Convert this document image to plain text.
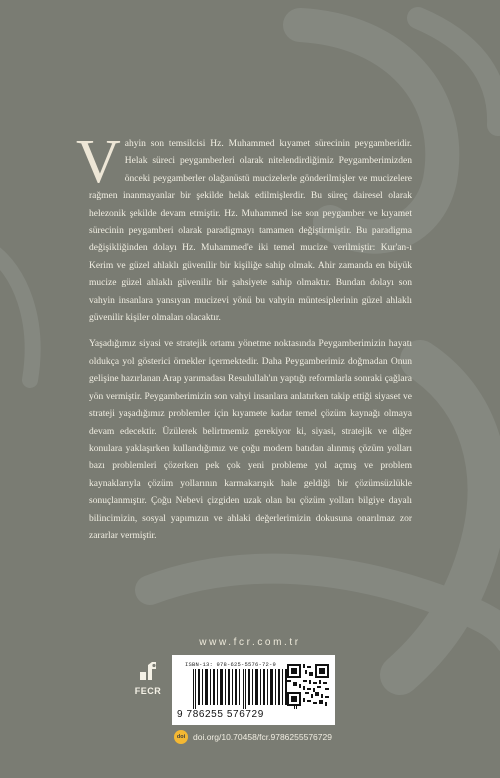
Vahyin son temsilcisi Hz. Muhammed kıyamet sürecinin peygamberidir. Helak süreci peygamberleri olarak nitelendirdiğimiz Peygamberimizden önceki peygamberler olağanüstü mucizelerle gönderilmişler ve mucizelere rağmen inanmayanlar bir şekilde helak edilmişlerdir. Bu süreç dairesel olarak helezonik şekilde devam etmiştir. Hz. Muhammed ise son peygamber ve kıyamet sürecinin peygamberi olarak paradigmayı tamamen değiştirmiştir. Bu paradigma değişikliğinden dolayı Hz. Muhammed'e iki temel mucize verilmiştir: Kur'an-ı Kerim ve güzel ahlaklı güvenilir bir kişiliğe sahip olmak. Ahir zamanda en büyük mucize güzel ahlaklı güvenilir bir şahsiyete sahip olmaktır. Bundan dolayı son vahyin insanlara yansıyan mucizevi yönü bu vahyin müntesiplerinin güzel ahlaklı güvenilir kişiler olmaları olacaktır.

Yaşadığımız siyasi ve stratejik ortamı yönetme noktasında Peygamberimizin hayatı oldukça yol gösterici örnekler içermektedir. Daha Peygamberimiz doğmadan Onun gelişine hazırlanan Arap yarımadası Resulullah'ın yaptığı reformlarla sonraki çağlara yön vermiştir. Peygamberimizin son vahyi insanlara anlatırken takip ettiği siyaset ve strateji yaşadığımız problemler için kıyamete kadar temel çözüm kaynağı olmaya devam edecektir. Üzülerek belirtmemiz gerekiyor ki, siyasi, stratejik ve diğer konulara yaklaşırken kullandığımız ve çoğu modern batıdan alınmış çözüm yolları bazı problemleri çözerken pek çok yeni probleme yol açmış ve problem kaynaklarıyla çözüm yollarının karmakarışık hale geldiği bir çözümsüzlükle sonuçlanmıştır. Çoğu Nebevi çizgiden uzak olan bu çözüm yolları bilgiye dayalı bilincimizin, sosyal yapımızın ve ahlaki değerlerimizin dokusuna onarılmaz zor zararlar vermiştir.

www.fcr.com.tr
FECR
ISBN-13: 978-625-5576-72-9
9 786255 576729
doi doi.org/10.70458/fcr.9786255576729
